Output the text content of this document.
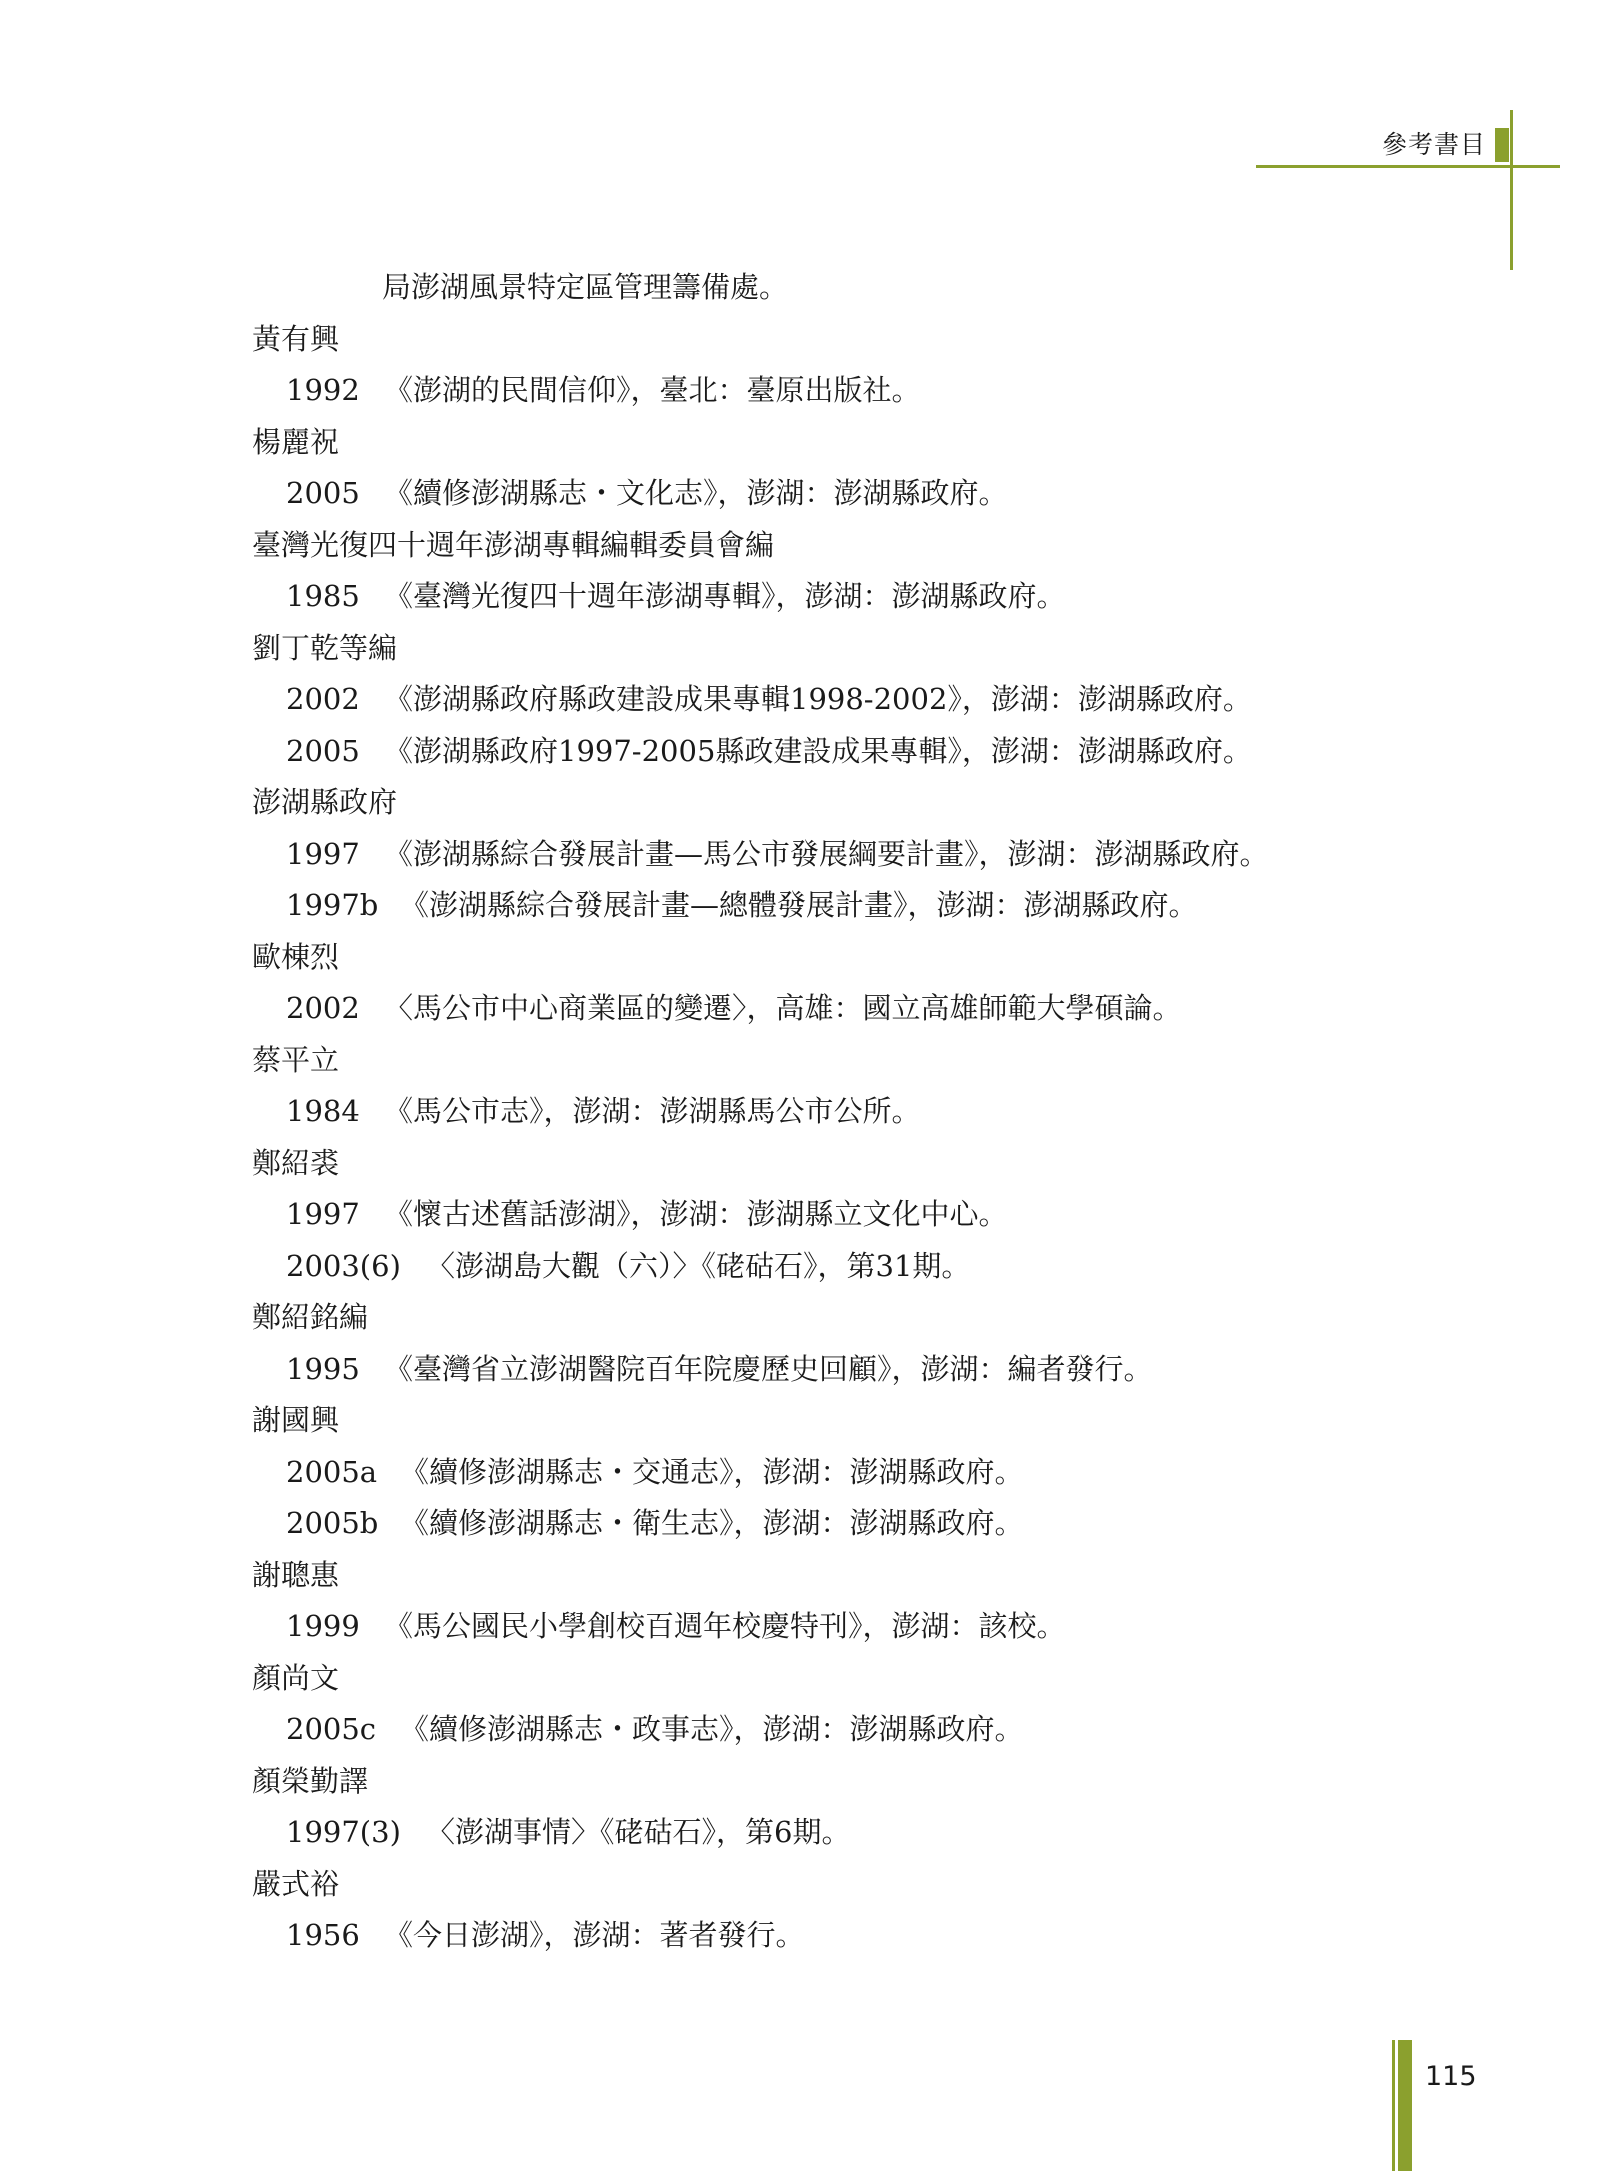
參考書目
局澎湖風景特定區管理籌備處。
黃有興
1992 《澎湖的民間信仰》，臺北：臺原出版社。
楊麗祝
2005 《續修澎湖縣志・文化志》，澎湖：澎湖縣政府。
臺灣光復四十週年澎湖專輯編輯委員會編
1985 《臺灣光復四十週年澎湖專輯》，澎湖：澎湖縣政府。
劉丁乾等編
2002 《澎湖縣政府縣政建設成果專輯1998-2002》，澎湖：澎湖縣政府。
2005 《澎湖縣政府1997-2005縣政建設成果專輯》，澎湖：澎湖縣政府。
澎湖縣政府
1997 《澎湖縣綜合發展計畫—馬公市發展綱要計畫》，澎湖：澎湖縣政府。
1997b 《澎湖縣綜合發展計畫—總體發展計畫》，澎湖：澎湖縣政府。
歐棟烈
2002 〈馬公市中心商業區的變遷〉，高雄：國立高雄師範大學碩論。
蔡平立
1984 《馬公市志》，澎湖：澎湖縣馬公市公所。
鄭紹裘
1997 《懷古述舊話澎湖》，澎湖：澎湖縣立文化中心。
2003(6) 〈澎湖島大觀（六）〉《硓𥑮石》，第31期。
鄭紹銘編
1995 《臺灣省立澎湖醫院百年院慶歷史回顧》，澎湖：編者發行。
謝國興
2005a 《續修澎湖縣志・交通志》，澎湖：澎湖縣政府。
2005b 《續修澎湖縣志・衛生志》，澎湖：澎湖縣政府。
謝聰惠
1999 《馬公國民小學創校百週年校慶特刊》，澎湖：該校。
顏尚文
2005c 《續修澎湖縣志・政事志》，澎湖：澎湖縣政府。
顏榮勤譯
1997(3) 〈澎湖事情〉《硓𥑮石》，第6期。
嚴式裕
1956 《今日澎湖》，澎湖：著者發行。
115
